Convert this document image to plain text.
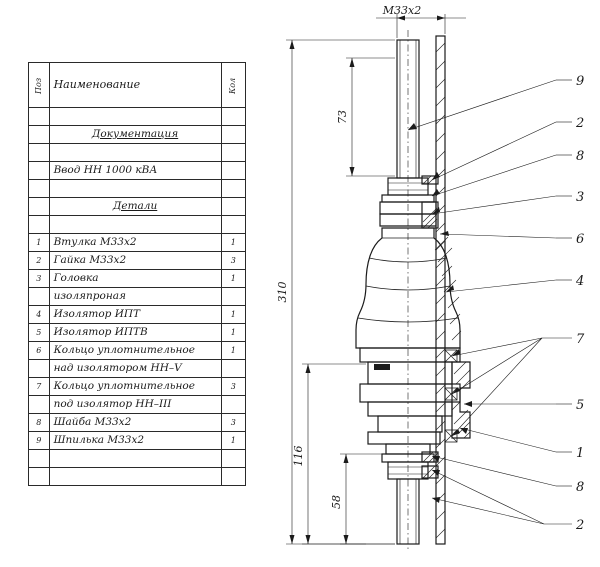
Поз	Наименование	Кол

	Документация	

	Ввод НН 1000 кВА	

	Детали	

1	Втулка М33х2	1
2	Гайка М33х2	3
3	Головка	1
	изоляпроная	
4	Изолятор ИПТ	1
5	Изолятор ИПТВ	1
6	Кольцо уплотнительное	1
	над изолятором НН–V	
7	Кольцо уплотнительное	3
	под изолятор НН–III	
8	Шайба М33х2	3
9	Шпилька М33х2	1

М33х2
310
73
116
58
9
2
8
3
6
4
7
5
1
8
2
